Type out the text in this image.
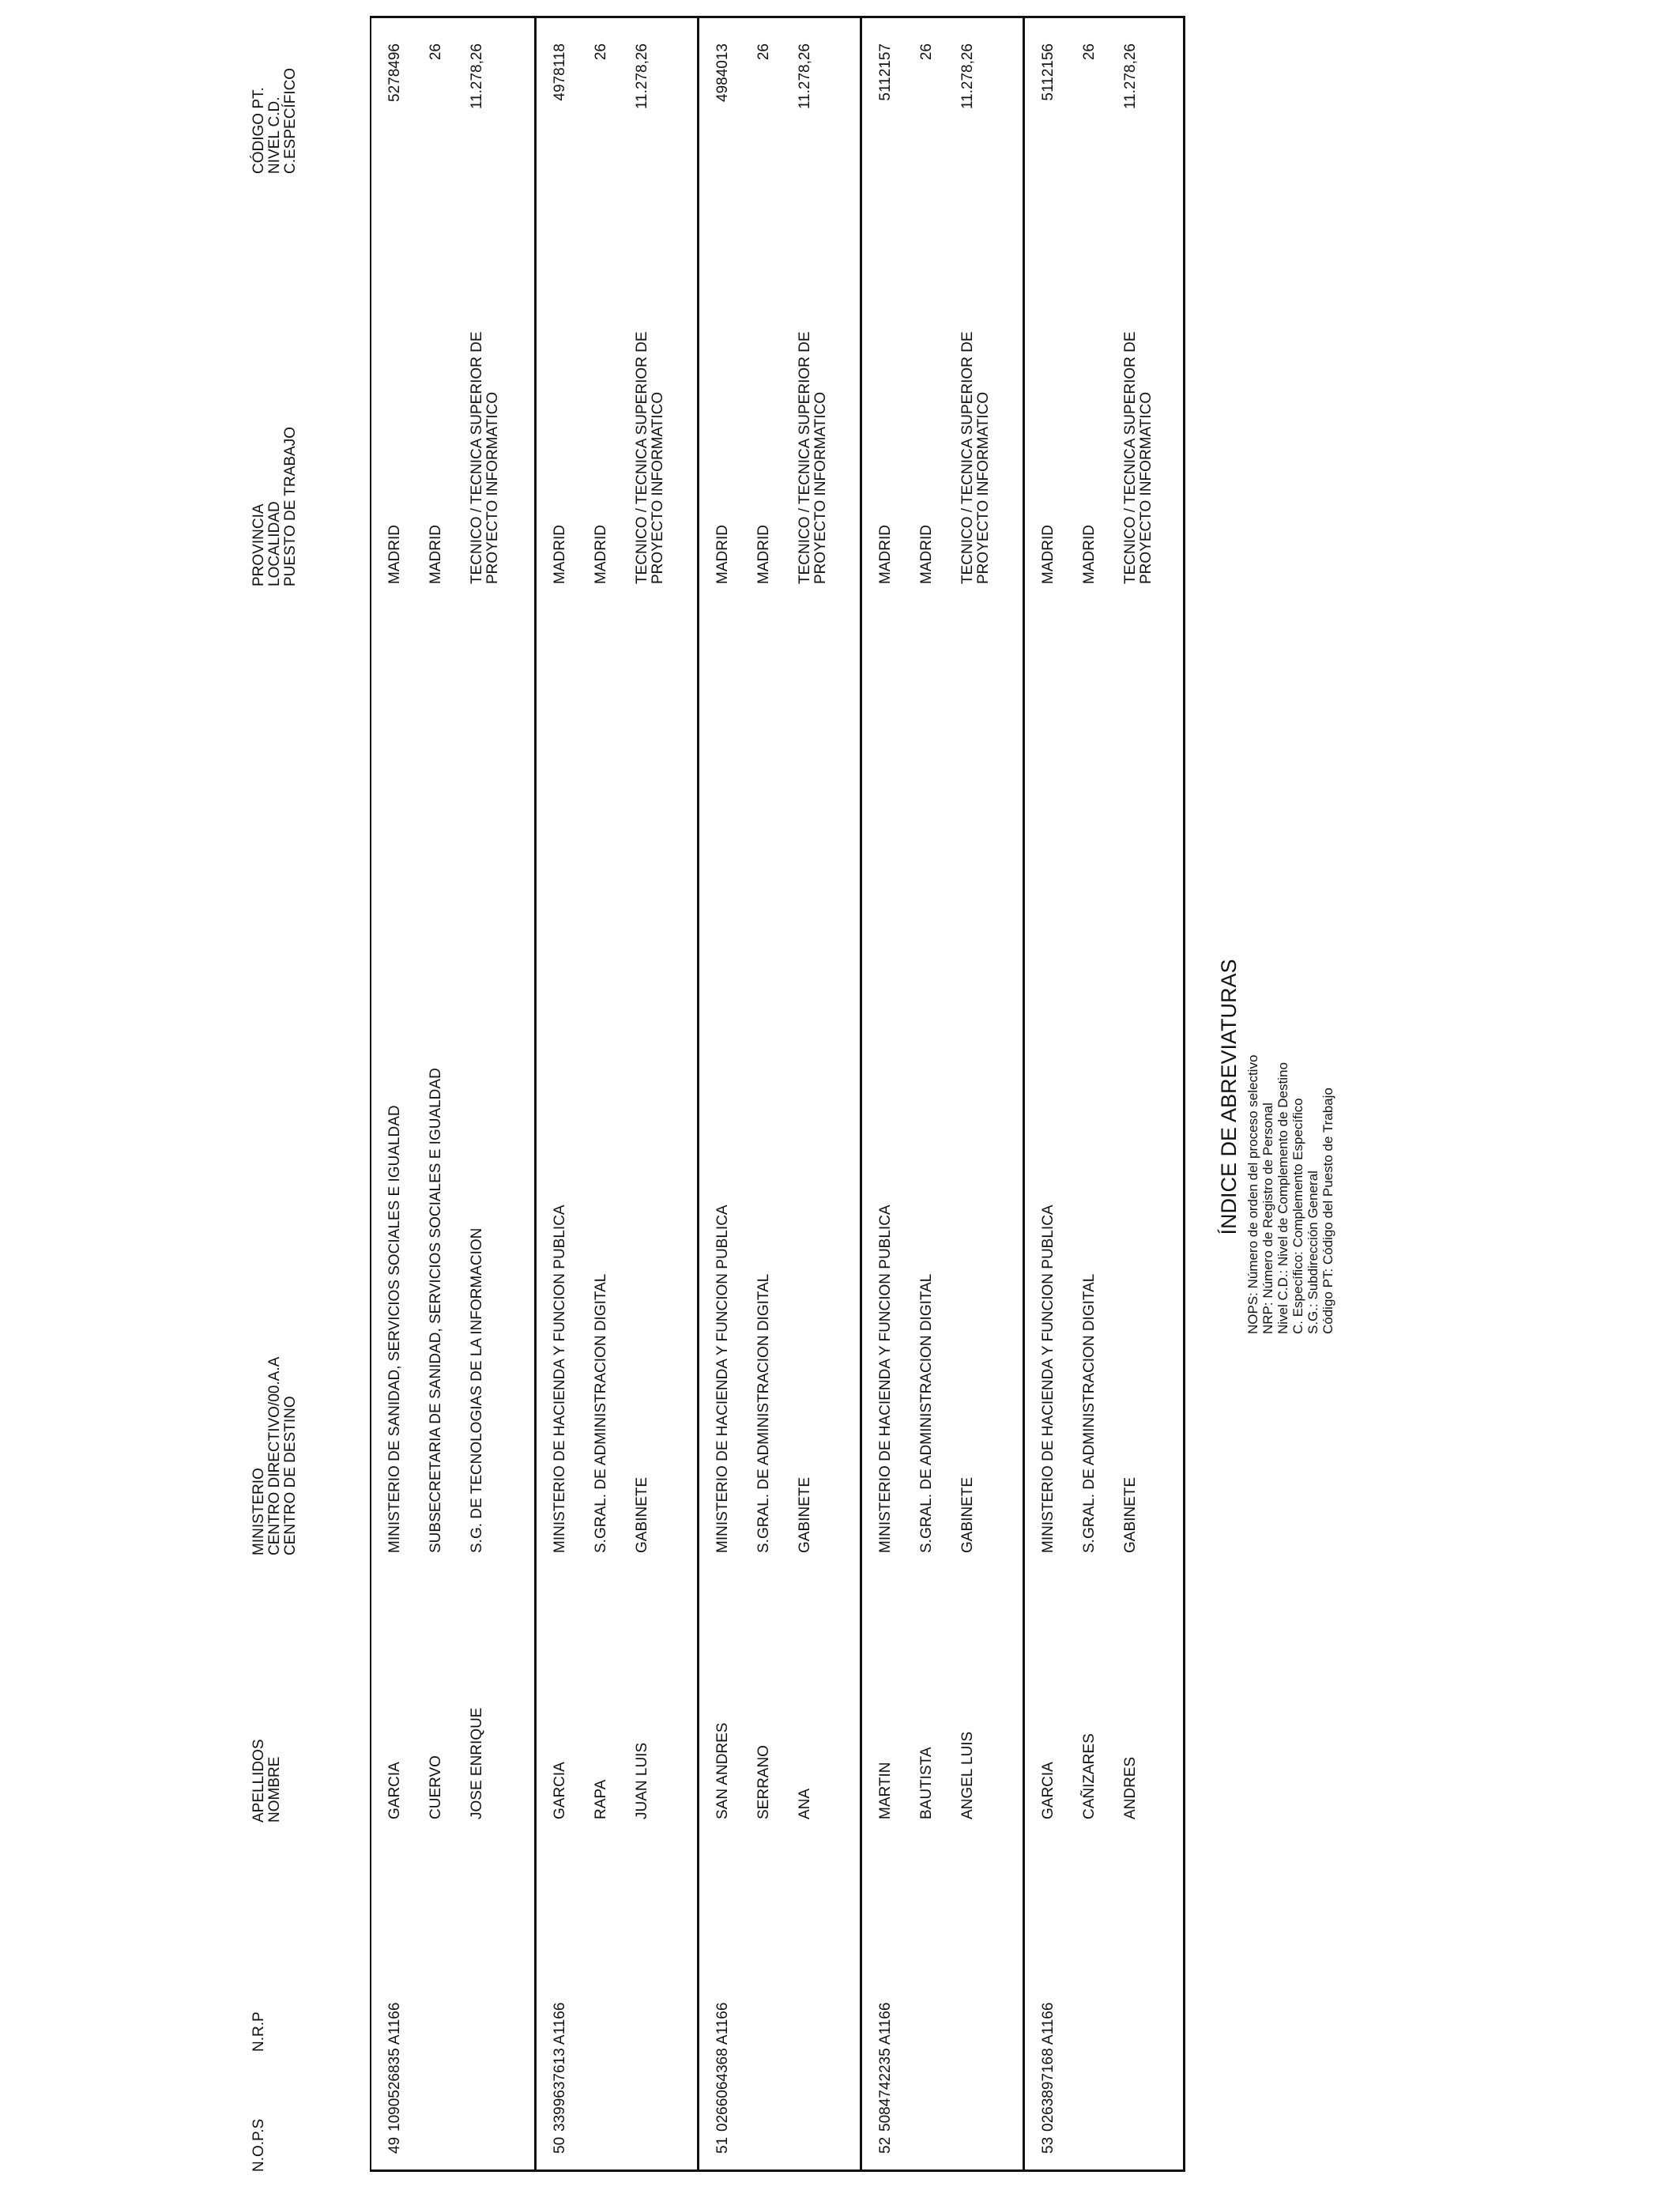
N.O.P.S
N.R.P
APELLIDOS NOMBRE
MINISTERIO CENTRO DIRECTIVO/00.A.A CENTRO DE DESTINO
PROVINCIA LOCALIDAD PUESTO DE TRABAJO
CÓDIGO PT. NIVEL C.D. C.ESPECÍFICO
49
1090526835 A1166
GARCIA CUERVO JOSE ENRIQUE
MINISTERIO DE SANIDAD, SERVICIOS SOCIALES E IGUALDAD SUBSECRETARIA DE SANIDAD, SERVICIOS SOCIALES E IGUALDAD S.G. DE TECNOLOGIAS DE LA INFORMACION
MADRID MADRID TECNICO / TECNICA SUPERIOR DE PROYECTO INFORMATICO
5278496 26 11.278,26
50
3399637613 A1166
GARCIA RAPA JUAN LUIS
MINISTERIO DE HACIENDA Y FUNCION PUBLICA S.GRAL. DE ADMINISTRACION DIGITAL GABINETE
MADRID MADRID TECNICO / TECNICA SUPERIOR DE PROYECTO INFORMATICO
4978118 26 11.278,26
51
0266064368 A1166
SAN ANDRES SERRANO ANA
MINISTERIO DE HACIENDA Y FUNCION PUBLICA S.GRAL. DE ADMINISTRACION DIGITAL GABINETE
MADRID MADRID TECNICO / TECNICA SUPERIOR DE PROYECTO INFORMATICO
4984013 26 11.278,26
52
5084742235 A1166
MARTIN BAUTISTA ANGEL LUIS
MINISTERIO DE HACIENDA Y FUNCION PUBLICA S.GRAL. DE ADMINISTRACION DIGITAL GABINETE
MADRID MADRID TECNICO / TECNICA SUPERIOR DE PROYECTO INFORMATICO
5112157 26 11.278,26
53
0263897168 A1166
GARCIA CAÑIZARES ANDRES
MINISTERIO DE HACIENDA Y FUNCION PUBLICA S.GRAL. DE ADMINISTRACION DIGITAL GABINETE
MADRID MADRID TECNICO / TECNICA SUPERIOR DE PROYECTO INFORMATICO
5112156 26 11.278,26
ÍNDICE DE ABREVIATURAS NOPS: Número de orden del proceso selectivo NRP: Número de Registro de Personal Nivel C.D.: Nivel de Complemento de Destino C. Específico: Complemento Específico S.G.: Subdirección General Código PT: Código del Puesto de Trabajo
